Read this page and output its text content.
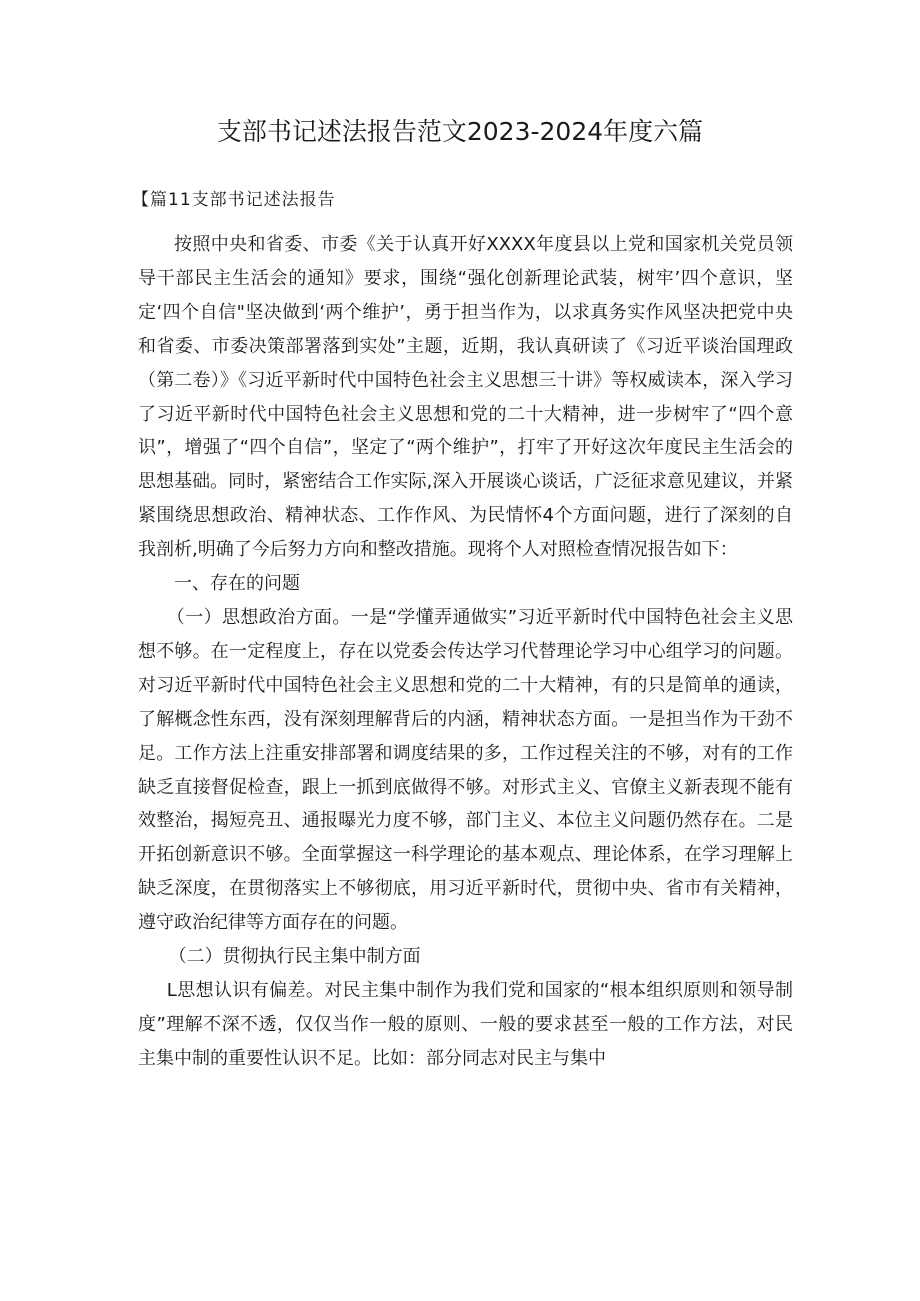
支部书记述法报告范文2023-2024年度六篇
【篇11支部书记述法报告

按照中央和省委、市委《关于认真开好XXXX年度县以上党和国家机关党员领导干部民主生活会的通知》要求，围绕“强化创新理论武装，树牢’四个意识，坚定‘四个自信"坚决做到‘两个维护’，勇于担当作为，以求真务实作风坚决把党中央和省委、市委决策部署落到实处”主题，近期，我认真研读了《习近平谈治国理政（第二卷）》《习近平新时代中国特色社会主义思想三十讲》等权威读本，深入学习了习近平新时代中国特色社会主义思想和党的二十大精神，进一步树牢了“四个意识”，增强了“四个自信”，坚定了“两个维护”，打牢了开好这次年度民主生活会的思想基础。同时，紧密结合工作实际,深入开展谈心谈话，广泛征求意见建议，并紧紧围绕思想政治、精神状态、工作作风、为民情怀4个方面问题，进行了深刻的自我剖析,明确了今后努力方向和整改措施。现将个人对照检查情况报告如下：

一、存在的问题

（一）思想政治方面。一是“学懂弄通做实”习近平新时代中国特色社会主义思想不够。在一定程度上，存在以党委会传达学习代替理论学习中心组学习的问题。对习近平新时代中国特色社会主义思想和党的二十大精神，有的只是简单的通读，了解概念性东西，没有深刻理解背后的内涵，精神状态方面。一是担当作为干劲不足。工作方法上注重安排部署和调度结果的多，工作过程关注的不够，对有的工作缺乏直接督促检查，跟上一抓到底做得不够。对形式主义、官僚主义新表现不能有效整治，揭短亮丑、通报曝光力度不够，部门主义、本位主义问题仍然存在。二是开拓创新意识不够。全面掌握这一科学理论的基本观点、理论体系，在学习理解上缺乏深度，在贯彻落实上不够彻底，用习近平新时代，贯彻中央、省市有关精神，遵守政治纪律等方面存在的问题。

（二）贯彻执行民主集中制方面

L思想认识有偏差。对民主集中制作为我们党和国家的“根本组织原则和领导制度”理解不深不透，仅仅当作一般的原则、一般的要求甚至一般的工作方法，对民主集中制的重要性认识不足。比如：部分同志对民主与集中
